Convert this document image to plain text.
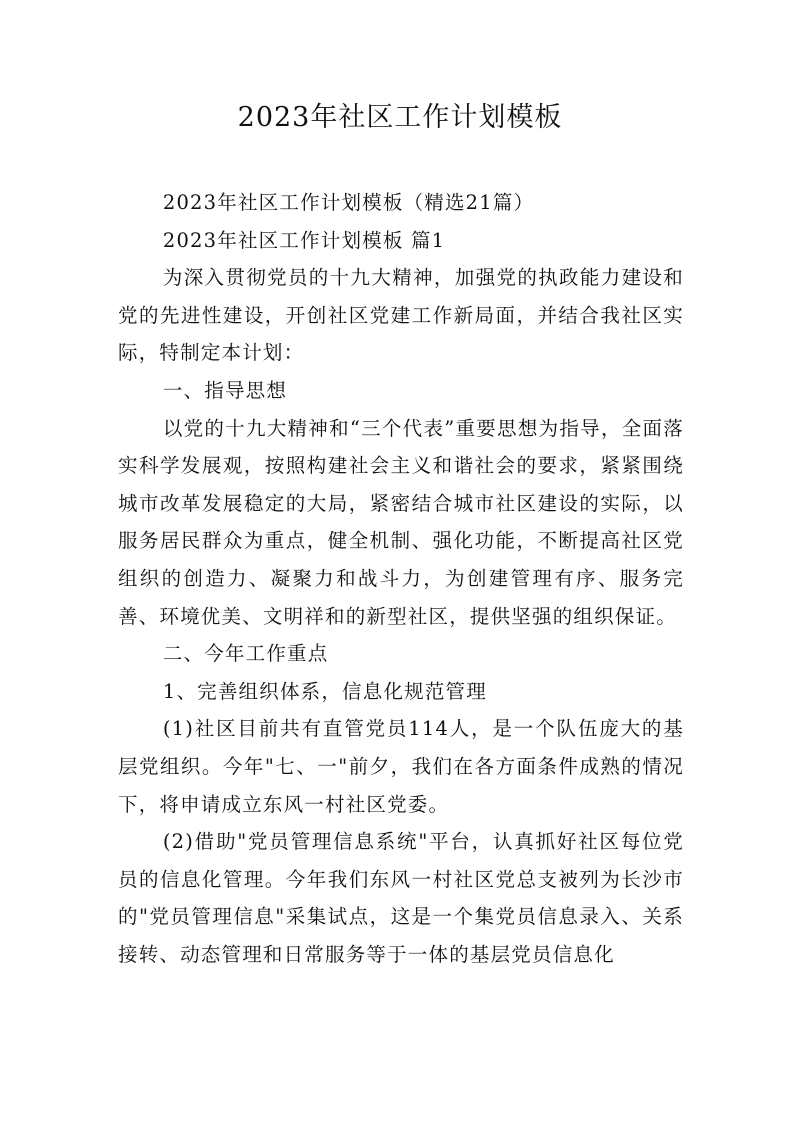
2023年社区工作计划模板

2023年社区工作计划模板（精选21篇）

2023年社区工作计划模板 篇1

为深入贯彻党员的十九大精神，加强党的执政能力建设和党的先进性建设，开创社区党建工作新局面，并结合我社区实际，特制定本计划：

一、指导思想

以党的十九大精神和“三个代表”重要思想为指导，全面落实科学发展观，按照构建社会主义和谐社会的要求，紧紧围绕城市改革发展稳定的大局，紧密结合城市社区建设的实际，以服务居民群众为重点，健全机制、强化功能，不断提高社区党组织的创造力、凝聚力和战斗力，为创建管理有序、服务完善、环境优美、文明祥和的新型社区，提供坚强的组织保证。

二、今年工作重点

1、完善组织体系，信息化规范管理

(1)社区目前共有直管党员114人，是一个队伍庞大的基层党组织。今年"七、一"前夕，我们在各方面条件成熟的情况下，将申请成立东风一村社区党委。

(2)借助"党员管理信息系统"平台，认真抓好社区每位党员的信息化管理。今年我们东风一村社区党总支被列为长沙市的"党员管理信息"采集试点，这是一个集党员信息录入、关系接转、动态管理和日常服务等于一体的基层党员信息化
